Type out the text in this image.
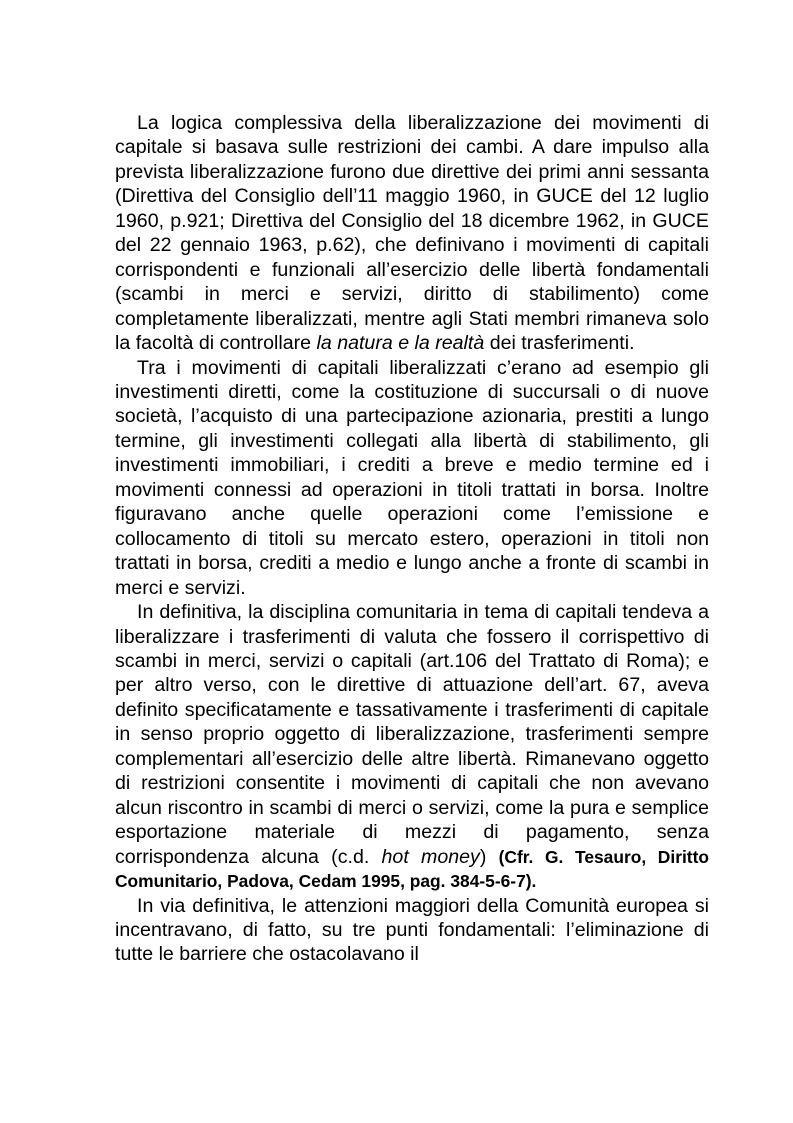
La logica complessiva della liberalizzazione dei movimenti di capitale si basava sulle restrizioni dei cambi. A dare impulso alla prevista liberalizzazione furono due direttive dei primi anni sessanta (Direttiva del Consiglio dell’11 maggio 1960, in GUCE del 12 luglio 1960, p.921; Direttiva del Consiglio del 18 dicembre 1962, in GUCE del 22 gennaio 1963, p.62), che definivano i movimenti di capitali corrispondenti e funzionali all’esercizio delle libertà fondamentali (scambi in merci e servizi, diritto di stabilimento) come completamente liberalizzati, mentre agli Stati membri rimaneva solo la facoltà di controllare la natura e la realtà dei trasferimenti.

Tra i movimenti di capitali liberalizzati c’erano ad esempio gli investimenti diretti, come la costituzione di succursali o di nuove società, l’acquisto di una partecipazione azionaria, prestiti a lungo termine, gli investimenti collegati alla libertà di stabilimento, gli investimenti immobiliari, i crediti a breve e medio termine ed i movimenti connessi ad operazioni in titoli trattati in borsa. Inoltre figuravano anche quelle operazioni come l’emissione e collocamento di titoli su mercato estero, operazioni in titoli non trattati in borsa, crediti a medio e lungo anche a fronte di scambi in merci e servizi.

In definitiva, la disciplina comunitaria in tema di capitali tendeva a liberalizzare i trasferimenti di valuta che fossero il corrispettivo di scambi in merci, servizi o capitali (art.106 del Trattato di Roma); e per altro verso, con le direttive di attuazione dell’art. 67, aveva definito specificatamente e tassativamente i trasferimenti di capitale in senso proprio oggetto di liberalizzazione, trasferimenti sempre complementari all’esercizio delle altre libertà. Rimanevano oggetto di restrizioni consentite i movimenti di capitali che non avevano alcun riscontro in scambi di merci o servizi, come la pura e semplice esportazione materiale di mezzi di pagamento, senza corrispondenza alcuna (c.d. hot money) (Cfr. G. Tesauro, Diritto Comunitario, Padova, Cedam 1995, pag. 384-5-6-7).

In via definitiva, le attenzioni maggiori della Comunità europea si incentravano, di fatto, su tre punti fondamentali: l’eliminazione di tutte le barriere che ostacolavano il
